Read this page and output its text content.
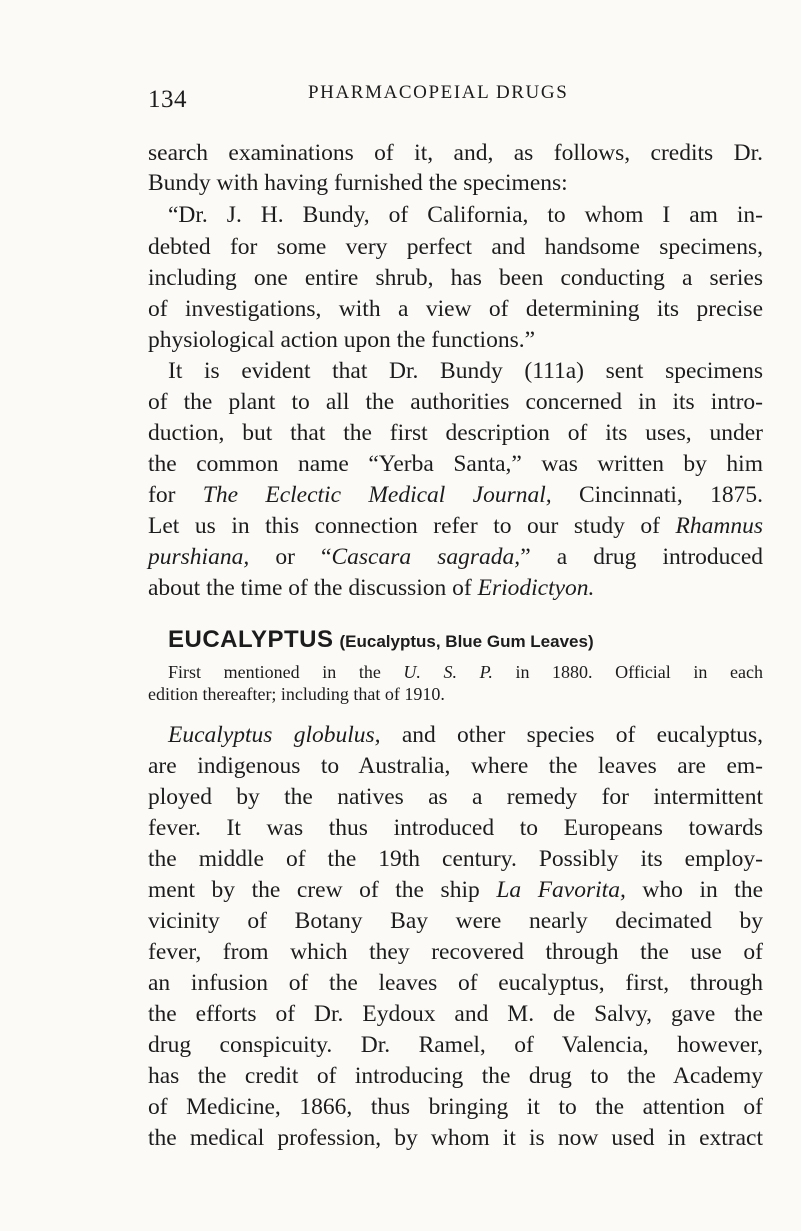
134	PHARMACOPEIAL DRUGS
search examinations of it, and, as follows, credits Dr.
Bundy with having furnished the specimens:
“Dr. J. H. Bundy, of California, to whom I am in-
debted for some very perfect and handsome specimens,
including one entire shrub, has been conducting a series
of investigations, with a view of determining its precise
physiological action upon the functions.”
It is evident that Dr. Bundy (111a) sent specimens
of the plant to all the authorities concerned in its intro-
duction, but that the first description of its uses, under
the common name “Yerba Santa,” was written by him
for The Eclectic Medical Journal, Cincinnati, 1875.
Let us in this connection refer to our study of Rhamnus
purshiana, or “Cascara sagrada,” a drug introduced
about the time of the discussion of Eriodictyon.
EUCALYPTUS (Eucalyptus, Blue Gum Leaves)
First mentioned in the U. S. P. in 1880. Official in each
edition thereafter; including that of 1910.
Eucalyptus globulus, and other species of eucalyptus,
are indigenous to Australia, where the leaves are em-
ployed by the natives as a remedy for intermittent
fever. It was thus introduced to Europeans towards
the middle of the 19th century. Possibly its employ-
ment by the crew of the ship La Favorita, who in the
vicinity of Botany Bay were nearly decimated by
fever, from which they recovered through the use of
an infusion of the leaves of eucalyptus, first, through
the efforts of Dr. Eydoux and M. de Salvy, gave the
drug conspicuity. Dr. Ramel, of Valencia, however,
has the credit of introducing the drug to the Academy
of Medicine, 1866, thus bringing it to the attention of
the medical profession, by whom it is now used in extract
